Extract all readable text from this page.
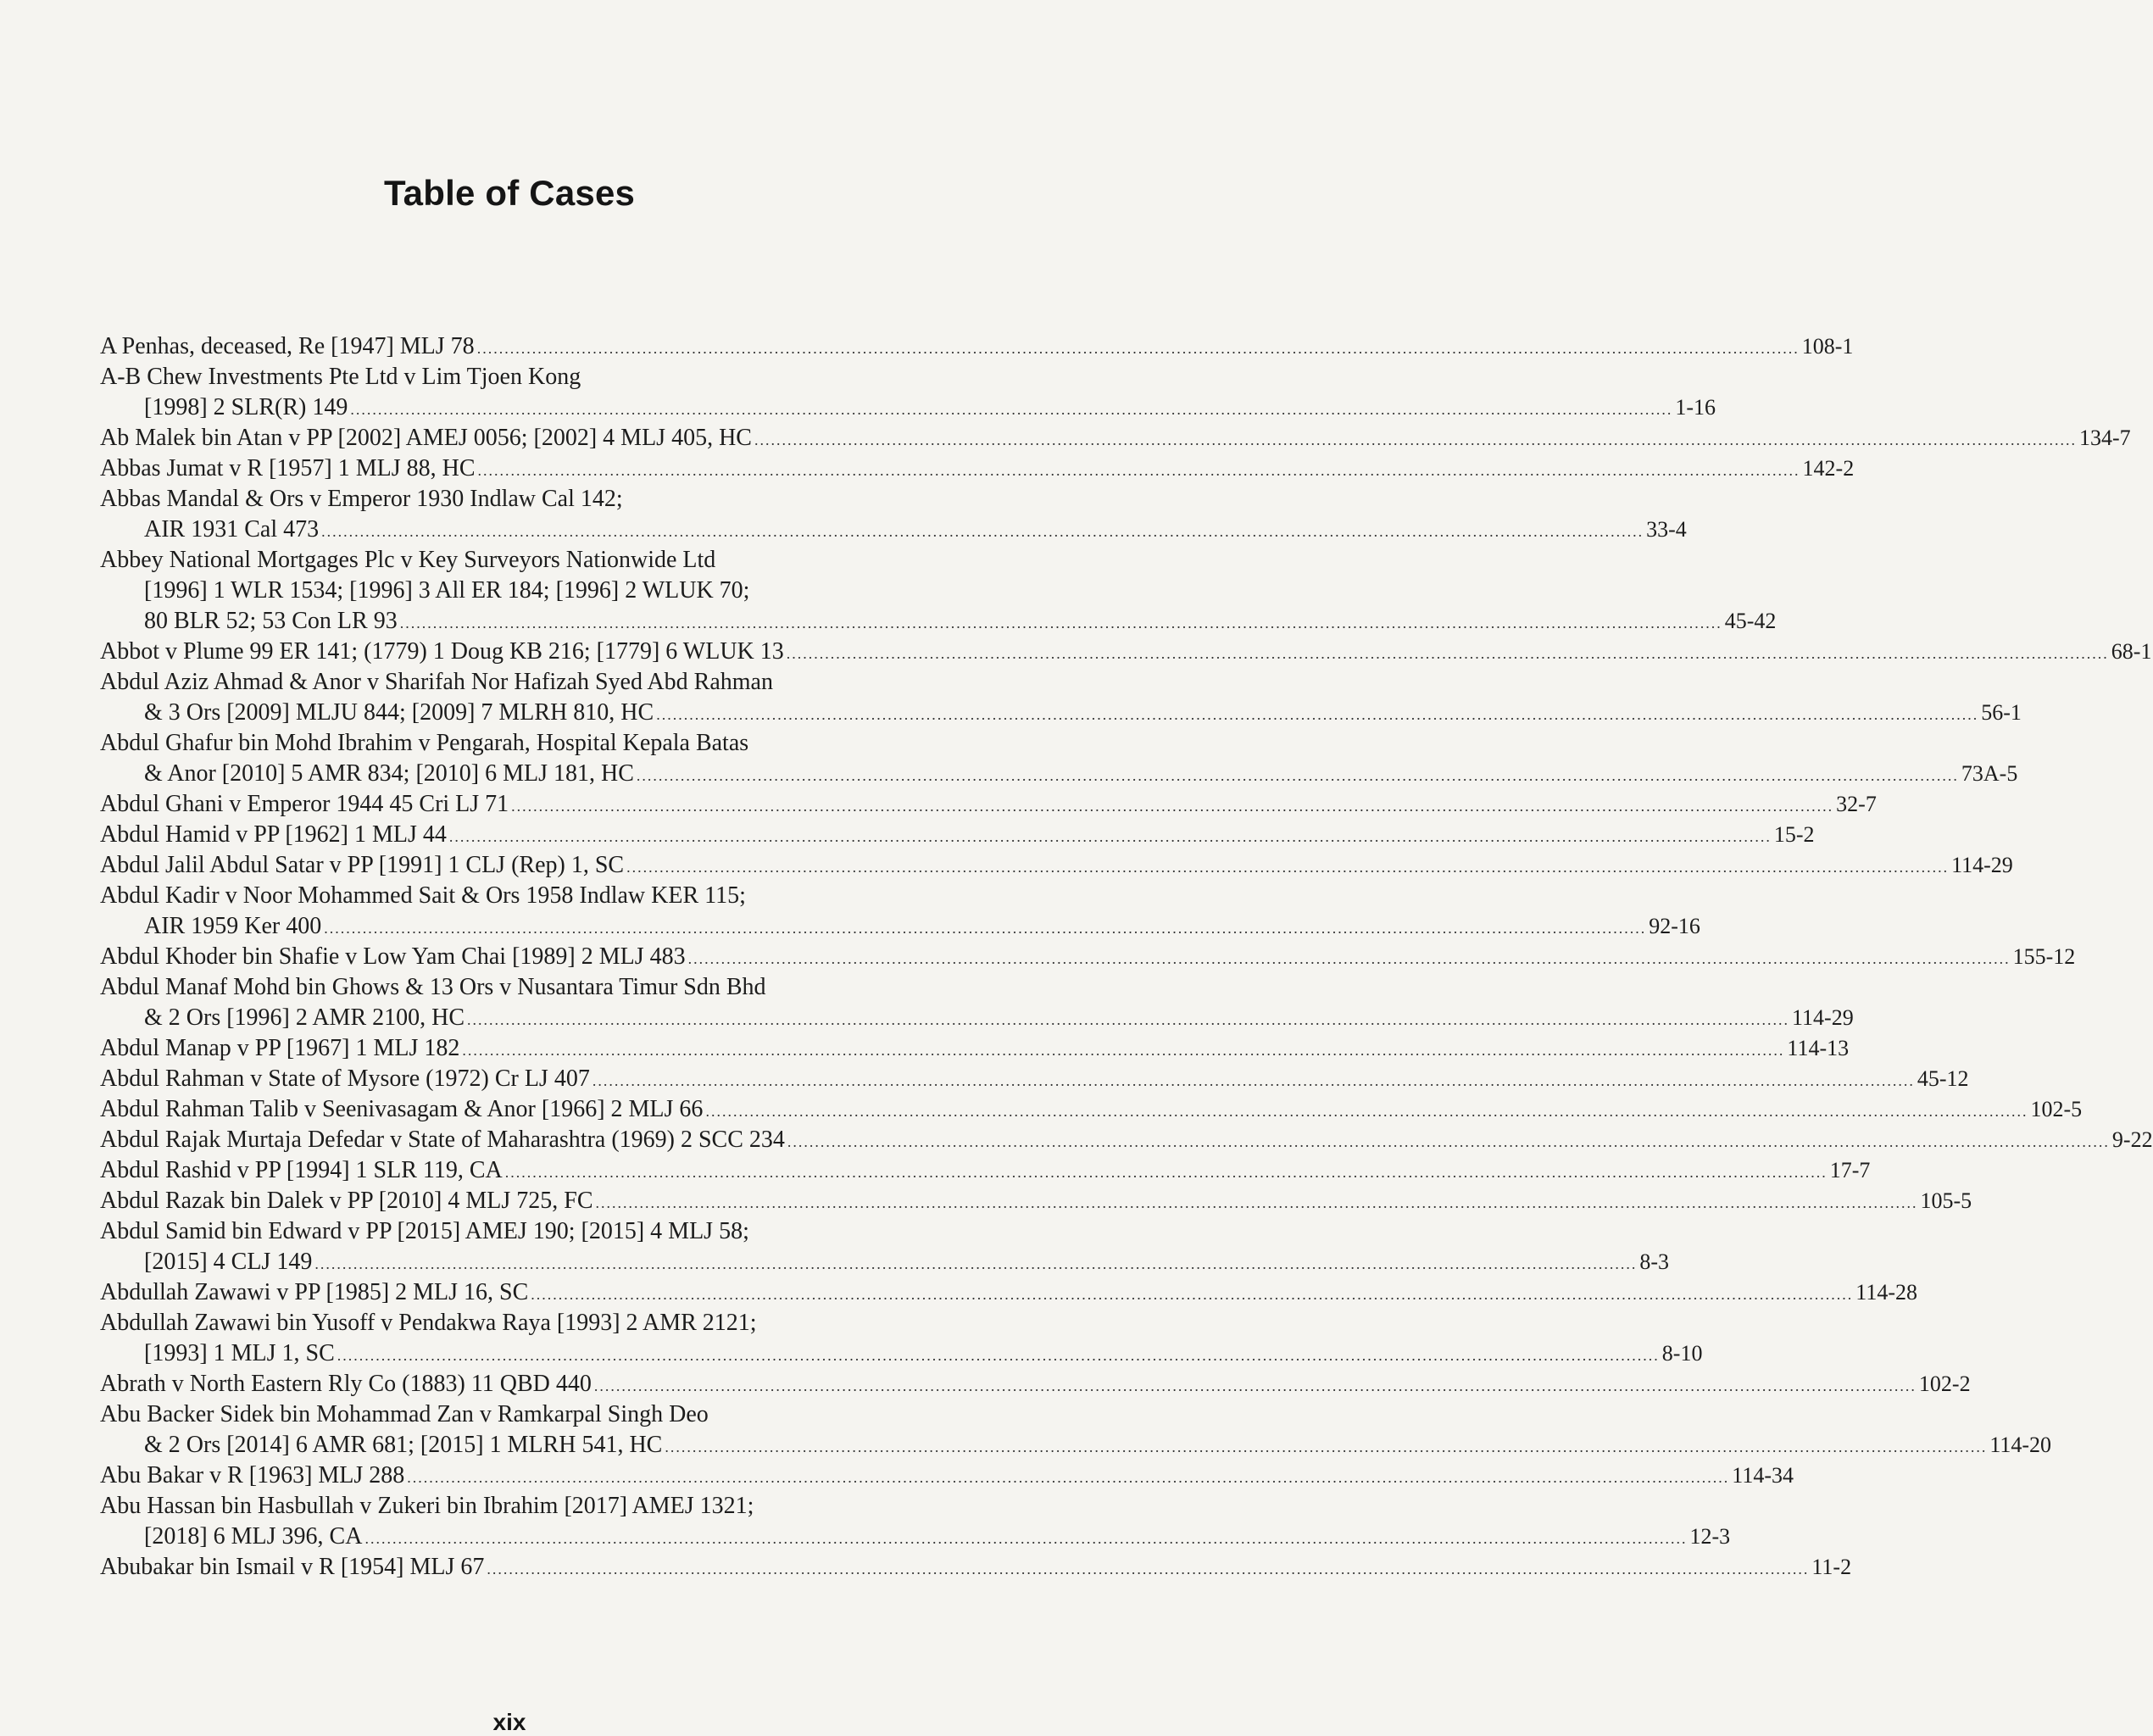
Table of Cases
A Penhas, deceased, Re [1947] MLJ 78 ................................................................................................................................................................................................................................................ 108-1
A-B Chew Investments Pte Ltd v Lim Tjoen Kong
[1998] 2 SLR(R) 149 ................................................................................................................................................................................................................................................ 1-16
Ab Malek bin Atan v PP [2002] AMEJ 0056; [2002] 4 MLJ 405, HC ................................................................................................................................................................................................................................................ 134-7
Abbas Jumat v R [1957] 1 MLJ 88, HC ................................................................................................................................................................................................................................................ 142-2
Abbas Mandal & Ors v Emperor 1930 Indlaw Cal 142;
AIR 1931 Cal 473 ................................................................................................................................................................................................................................................ 33-4
Abbey National Mortgages Plc v Key Surveyors Nationwide Ltd
[1996] 1 WLR 1534; [1996] 3 All ER 184; [1996] 2 WLUK 70;
80 BLR 52; 53 Con LR 93 ................................................................................................................................................................................................................................................ 45-42
Abbot v Plume 99 ER 141; (1779) 1 Doug KB 216; [1779] 6 WLUK 13 ................................................................................................................................................................................................................................................ 68-1
Abdul Aziz Ahmad & Anor v Sharifah Nor Hafizah Syed Abd Rahman
& 3 Ors [2009] MLJU 844; [2009] 7 MLRH 810, HC ................................................................................................................................................................................................................................................ 56-1
Abdul Ghafur bin Mohd Ibrahim v Pengarah, Hospital Kepala Batas
& Anor [2010] 5 AMR 834; [2010] 6 MLJ 181, HC ................................................................................................................................................................................................................................................ 73A-5
Abdul Ghani v Emperor 1944 45 Cri LJ 71 ................................................................................................................................................................................................................................................ 32-7
Abdul Hamid v PP [1962] 1 MLJ 44 ................................................................................................................................................................................................................................................ 15-2
Abdul Jalil Abdul Satar v PP [1991] 1 CLJ (Rep) 1, SC ................................................................................................................................................................................................................................................ 114-29
Abdul Kadir v Noor Mohammed Sait & Ors 1958 Indlaw KER 115;
AIR 1959 Ker 400 ................................................................................................................................................................................................................................................ 92-16
Abdul Khoder bin Shafie v Low Yam Chai [1989] 2 MLJ 483 ................................................................................................................................................................................................................................................ 155-12
Abdul Manaf Mohd bin Ghows & 13 Ors v Nusantara Timur Sdn Bhd
& 2 Ors [1996] 2 AMR 2100, HC ................................................................................................................................................................................................................................................ 114-29
Abdul Manap v PP [1967] 1 MLJ 182 ................................................................................................................................................................................................................................................ 114-13
Abdul Rahman v State of Mysore (1972) Cr LJ 407 ................................................................................................................................................................................................................................................ 45-12
Abdul Rahman Talib v Seenivasagam & Anor [1966] 2 MLJ 66 ................................................................................................................................................................................................................................................ 102-5
Abdul Rajak Murtaja Defedar v State of Maharashtra (1969) 2 SCC 234 ................................................................................................................................................................................................................................................ 9-22
Abdul Rashid v PP [1994] 1 SLR 119, CA ................................................................................................................................................................................................................................................ 17-7
Abdul Razak bin Dalek v PP [2010] 4 MLJ 725, FC ................................................................................................................................................................................................................................................ 105-5
Abdul Samid bin Edward v PP [2015] AMEJ 190; [2015] 4 MLJ 58;
[2015] 4 CLJ 149 ................................................................................................................................................................................................................................................ 8-3
Abdullah Zawawi v PP [1985] 2 MLJ 16, SC ................................................................................................................................................................................................................................................ 114-28
Abdullah Zawawi bin Yusoff v Pendakwa Raya [1993] 2 AMR 2121;
[1993] 1 MLJ 1, SC ................................................................................................................................................................................................................................................ 8-10
Abrath v North Eastern Rly Co (1883) 11 QBD 440 ................................................................................................................................................................................................................................................ 102-2
Abu Backer Sidek bin Mohammad Zan v Ramkarpal Singh Deo
& 2 Ors [2014] 6 AMR 681; [2015] 1 MLRH 541, HC ................................................................................................................................................................................................................................................ 114-20
Abu Bakar v R [1963] MLJ 288 ................................................................................................................................................................................................................................................ 114-34
Abu Hassan bin Hasbullah v Zukeri bin Ibrahim [2017] AMEJ 1321;
[2018] 6 MLJ 396, CA ................................................................................................................................................................................................................................................ 12-3
Abubakar bin Ismail v R [1954] MLJ 67 ................................................................................................................................................................................................................................................ 11-2
xix
